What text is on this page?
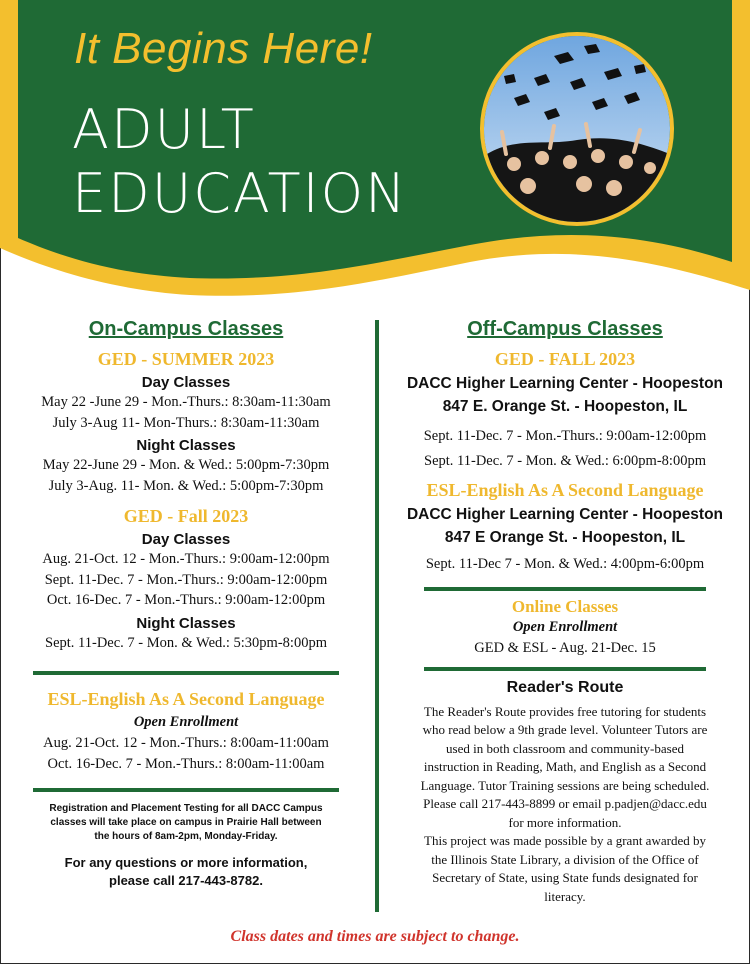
It Begins Here!
ADULT
EDUCATION
On-Campus Classes
GED - SUMMER 2023
Day Classes

May 22 -June 29 - Mon.-Thurs.: 8:30am-11:30am

July 3-Aug 11- Mon-Thurs.: 8:30am-11:30am

Night Classes

May 22-June 29 - Mon. & Wed.: 5:00pm-7:30pm

July 3-Aug. 11- Mon. & Wed.: 5:00pm-7:30pm

GED - Fall 2023
Day Classes

Aug. 21-Oct. 12 - Mon.-Thurs.: 9:00am-12:00pm

Sept. 11-Dec. 7 - Mon.-Thurs.: 9:00am-12:00pm

Oct. 16-Dec. 7 - Mon.-Thurs.: 9:00am-12:00pm

Night Classes

Sept. 11-Dec. 7 - Mon. & Wed.: 5:30pm-8:00pm

ESL-English As A Second Language
Open Enrollment

Aug. 21-Oct. 12 - Mon.-Thurs.: 8:00am-11:00am

Oct. 16-Dec. 7 - Mon.-Thurs.: 8:00am-11:00am

Registration and Placement Testing for all DACC Campus

classes will take place on campus in Prairie Hall between

the hours of 8am-2pm, Monday-Friday.

For any questions or more information,

please call 217-443-8782.

Off-Campus Classes
GED - FALL 2023

DACC Higher Learning Center - Hoopeston

847 E. Orange St. - Hoopeston, IL

Sept. 11-Dec. 7 - Mon.-Thurs.: 9:00am-12:00pm

Sept. 11-Dec. 7 - Mon. & Wed.: 6:00pm-8:00pm

ESL-English As A Second Language

DACC Higher Learning Center - Hoopeston

847 E Orange St. - Hoopeston, IL

Sept. 11-Dec 7 - Mon. & Wed.: 4:00pm-6:00pm

Online Classes
Open Enrollment

GED & ESL - Aug. 21-Dec. 15

Reader's Route

The Reader's Route provides free tutoring for students

who read below a 9th grade level. Volunteer Tutors are

used in both classroom and community-based

instruction in Reading, Math, and English as a Second

Language. Tutor Training sessions are being scheduled.

Please call 217-443-8899 or email p.padjen@dacc.edu

for more information.

This project was made possible by a grant awarded by

the Illinois State Library, a division of the Office of

Secretary of State, using State funds designated for

literacy.

Class dates and times are subject to change.
